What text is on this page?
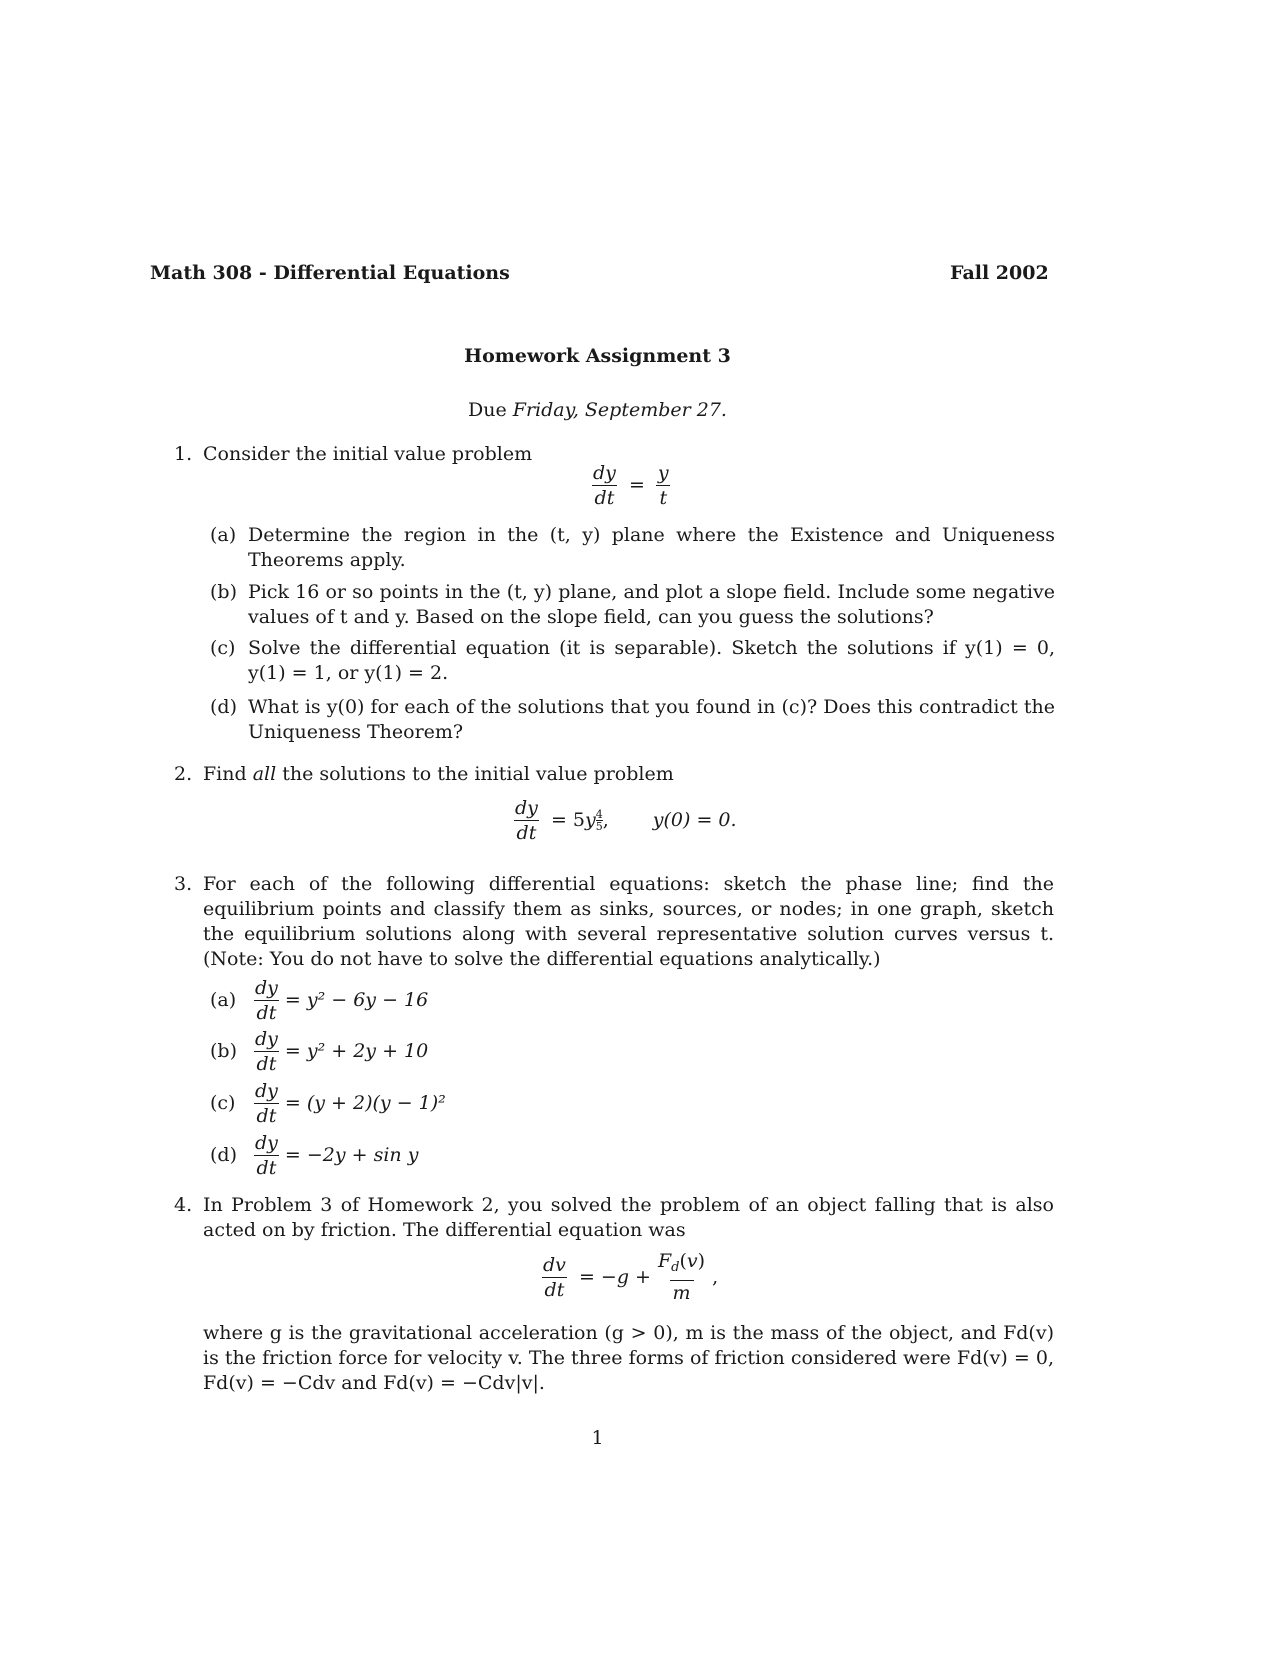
Math 308 - Differential Equations	Fall 2002
Homework Assignment 3
Due Friday, September 27.
1. Consider the initial value problem
$\frac{dy}{dt} = \frac{y}{t}$
(a) Determine the region in the (t, y) plane where the Existence and Uniqueness Theorems apply.
(b) Pick 16 or so points in the (t, y) plane, and plot a slope field. Include some negative values of t and y. Based on the slope field, can you guess the solutions?
(c) Solve the differential equation (it is separable). Sketch the solutions if y(1) = 0, y(1) = 1, or y(1) = 2.
(d) What is y(0) for each of the solutions that you found in (c)? Does this contradict the Uniqueness Theorem?
2. Find all the solutions to the initial value problem
$\frac{dy}{dt} = 5y$ 4
5 , y(0) = 0.
3. For each of the following differential equations: sketch the phase line; find the equilibrium points and classify them as sinks, sources, or nodes; in one graph, sketch the equilibrium solutions along with several representative solution curves versus t. (Note: You do not have to solve the differential equations analytically.)
$(a) \frac{dy}{dt} = y^2 - 6y - 16$
$(b) \frac{dy}{dt} = y^2 + 2y + 10$
$(c) \frac{dy}{dt} = (y + 2)(y - 1)^2$
$(d) \frac{dy}{dt} = -2y + \sin y$
4. In Problem 3 of Homework 2, you solved the problem of an object falling that is also acted on by friction. The differential equation was
$\frac{dv}{dt} = -g + \frac{F_d(v)}{m}$ ,
where g is the gravitational acceleration (g > 0), m is the mass of the object, and Fd(v) is the friction force for velocity v. The three forms of friction considered were Fd(v) = 0, Fd(v) = −Cdv and Fd(v) = −Cdv|v|.
1
